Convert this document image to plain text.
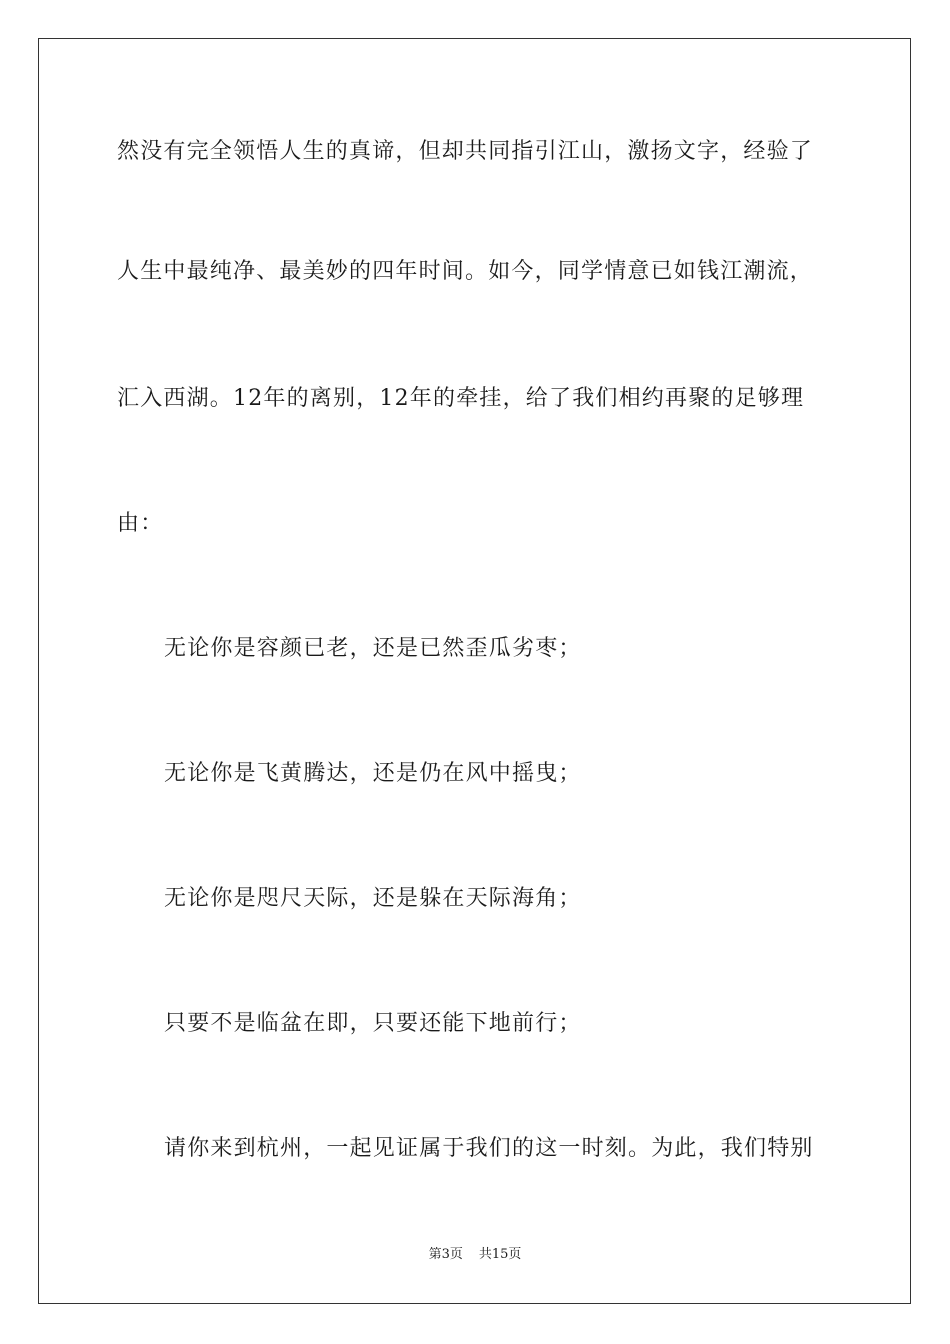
然没有完全领悟人生的真谛，但却共同指引江山，激扬文字，经验了
人生中最纯净、最美妙的四年时间。如今，同学情意已如钱江潮流，
汇入西湖。12年的离别，12年的牵挂，给了我们相约再聚的足够理
由：
无论你是容颜已老，还是已然歪瓜劣枣；
无论你是飞黄腾达，还是仍在风中摇曳；
无论你是咫尺天际，还是躲在天际海角；
只要不是临盆在即，只要还能下地前行；
请你来到杭州，一起见证属于我们的这一时刻。为此，我们特别
第3页 共15页
